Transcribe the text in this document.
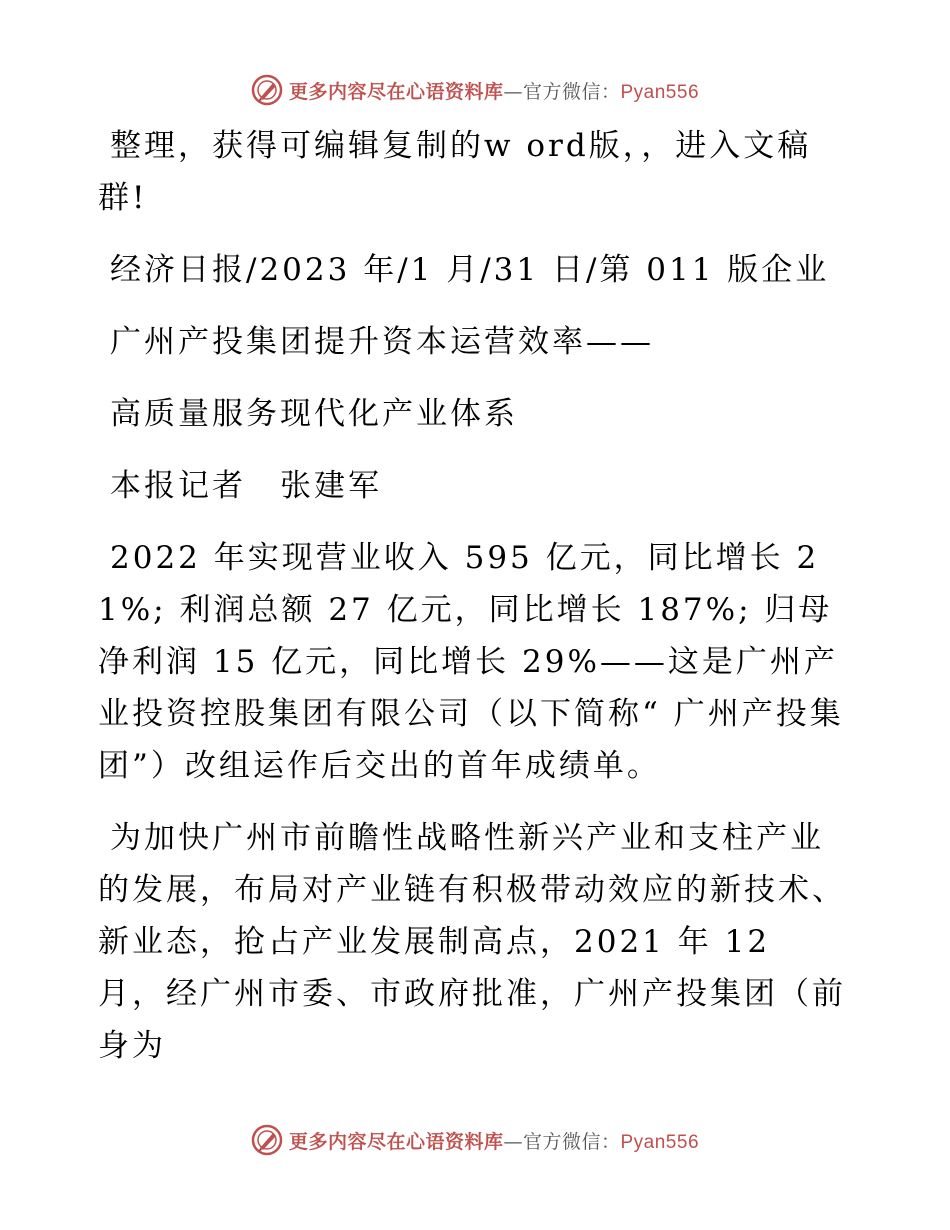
更多内容尽在心语资料库—官方微信：Pyan556

整理，获得可编辑复制的w ord版，，进入文稿群!

经济日报/2023 年/1 月/31 日/第 011 版企业

广州产投集团提升资本运营效率——

高质量服务现代化产业体系

本报记者　张建军

2022 年实现营业收入 595 亿元，同比增长 21%; 利润总额 27 亿元，同比增长 187%; 归母净利润 15 亿元，同比增长 29%——这是广州产业投资控股集团有限公司（以下简称“ 广州产投集团”）改组运作后交出的首年成绩单。

为加快广州市前瞻性战略性新兴产业和支柱产业的发展，布局对产业链有积极带动效应的新技术、新业态，抢占产业发展制高点，2021 年 12 月，经广州市委、市政府批准，广州产投集团（前身为

更多内容尽在心语资料库—官方微信：Pyan556
